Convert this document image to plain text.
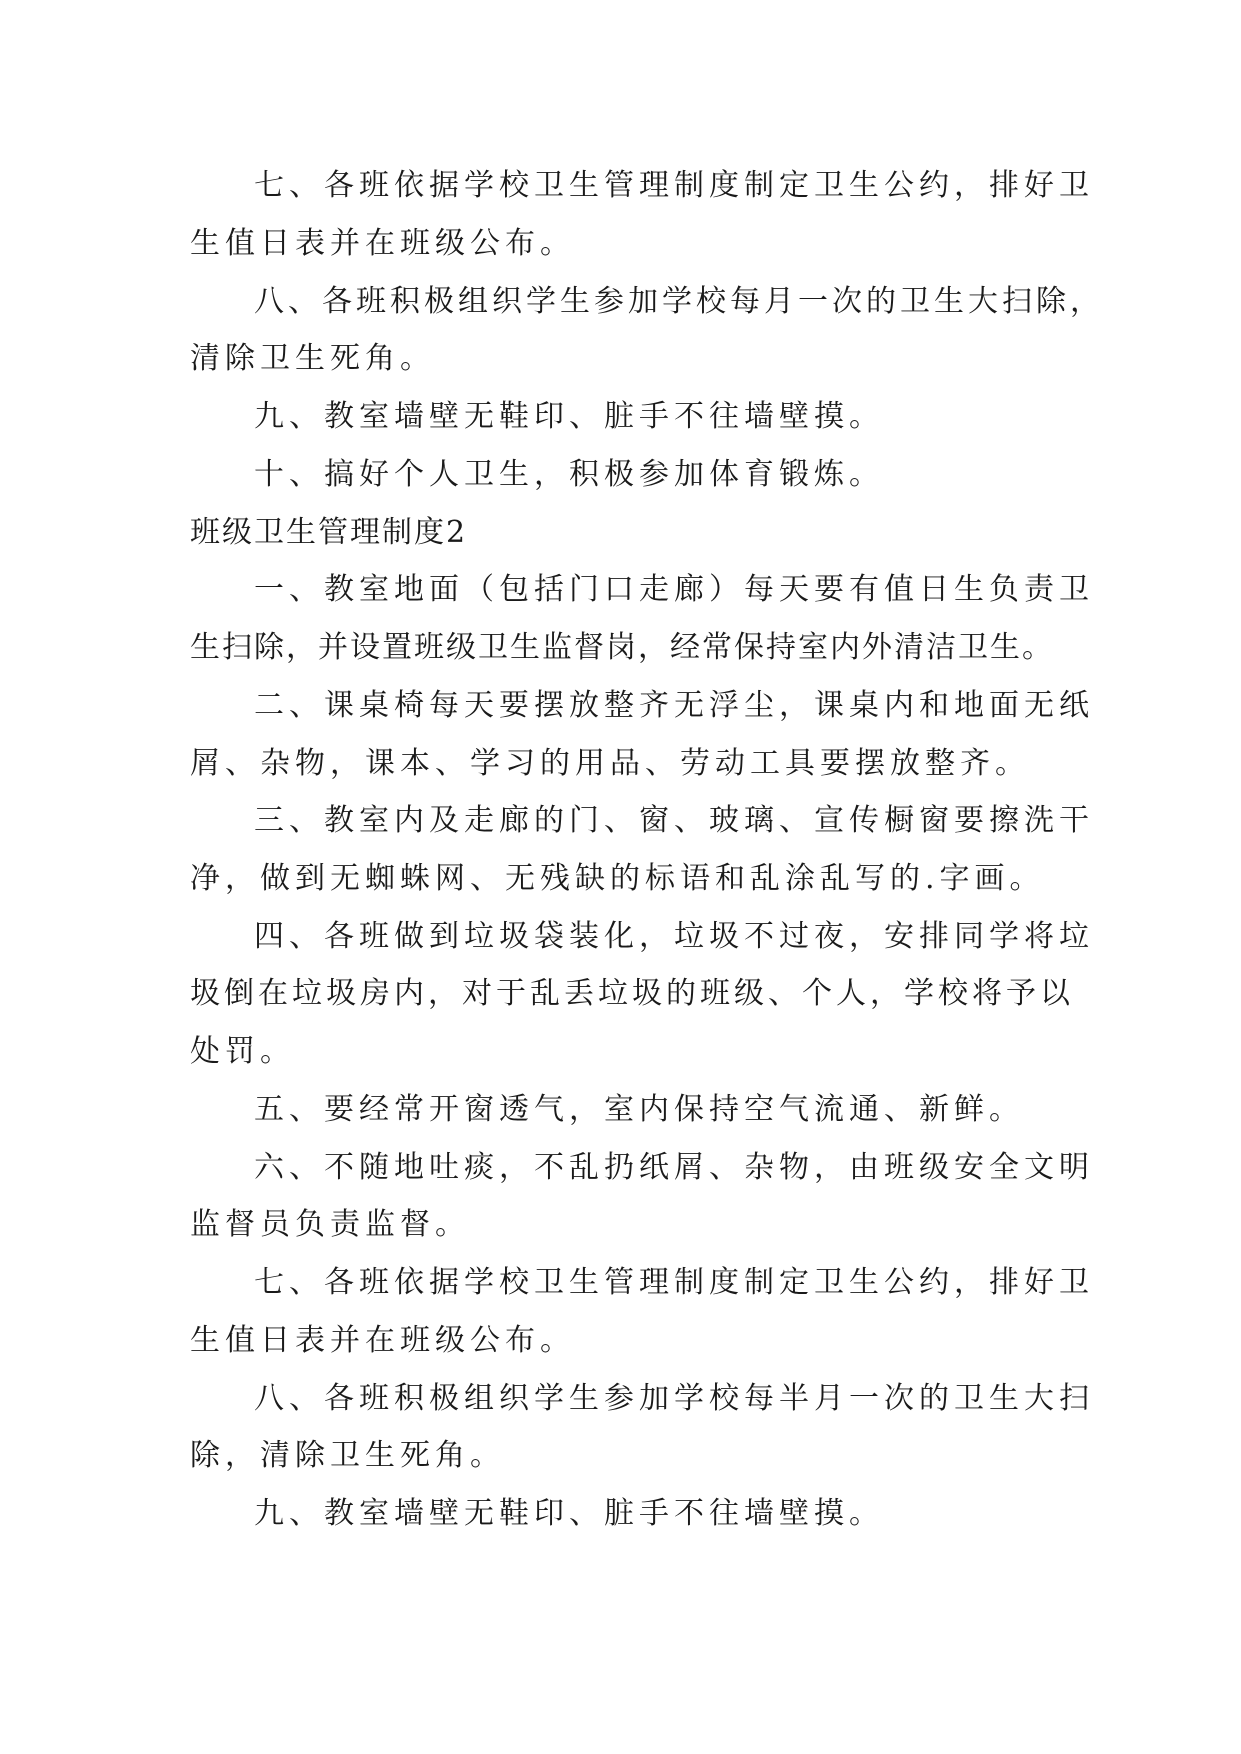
七、各班依据学校卫生管理制度制定卫生公约，排好卫
生值日表并在班级公布。
八、各班积极组织学生参加学校每月一次的卫生大扫除，
清除卫生死角。
九、教室墙壁无鞋印、脏手不往墙壁摸。
十、搞好个人卫生，积极参加体育锻炼。
班级卫生管理制度2
一、教室地面（包括门口走廊）每天要有值日生负责卫
生扫除，并设置班级卫生监督岗，经常保持室内外清洁卫生。
二、课桌椅每天要摆放整齐无浮尘，课桌内和地面无纸
屑、杂物，课本、学习的用品、劳动工具要摆放整齐。
三、教室内及走廊的门、窗、玻璃、宣传橱窗要擦洗干
净，做到无蜘蛛网、无残缺的标语和乱涂乱写的.字画。
四、各班做到垃圾袋装化，垃圾不过夜，安排同学将垃
圾倒在垃圾房内，对于乱丢垃圾的班级、个人，学校将予以
处罚。
五、要经常开窗透气，室内保持空气流通、新鲜。
六、不随地吐痰，不乱扔纸屑、杂物，由班级安全文明
监督员负责监督。
七、各班依据学校卫生管理制度制定卫生公约，排好卫
生值日表并在班级公布。
八、各班积极组织学生参加学校每半月一次的卫生大扫
除，清除卫生死角。
九、教室墙壁无鞋印、脏手不往墙壁摸。
